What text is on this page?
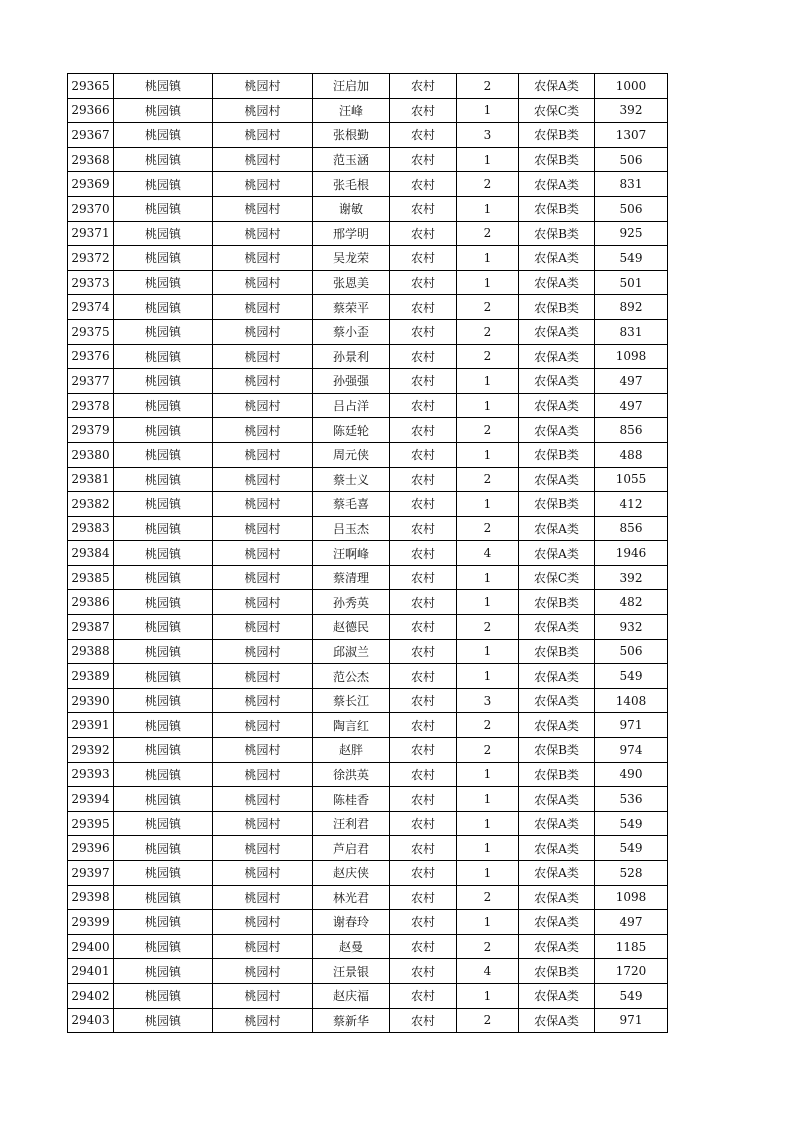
29365	桃园镇	桃园村	汪启加	农村	2	农保A类	1000
29366	桃园镇	桃园村	汪峰	农村	1	农保C类	392
29367	桃园镇	桃园村	张根勤	农村	3	农保B类	1307
29368	桃园镇	桃园村	范玉涵	农村	1	农保B类	506
29369	桃园镇	桃园村	张毛根	农村	2	农保A类	831
29370	桃园镇	桃园村	谢敏	农村	1	农保B类	506
29371	桃园镇	桃园村	邢学明	农村	2	农保B类	925
29372	桃园镇	桃园村	吴龙荣	农村	1	农保A类	549
29373	桃园镇	桃园村	张恩美	农村	1	农保A类	501
29374	桃园镇	桃园村	蔡荣平	农村	2	农保B类	892
29375	桃园镇	桃园村	蔡小歪	农村	2	农保A类	831
29376	桃园镇	桃园村	孙景利	农村	2	农保A类	1098
29377	桃园镇	桃园村	孙强强	农村	1	农保A类	497
29378	桃园镇	桃园村	吕占洋	农村	1	农保A类	497
29379	桃园镇	桃园村	陈廷轮	农村	2	农保A类	856
29380	桃园镇	桃园村	周元侠	农村	1	农保B类	488
29381	桃园镇	桃园村	蔡士义	农村	2	农保A类	1055
29382	桃园镇	桃园村	蔡毛喜	农村	1	农保B类	412
29383	桃园镇	桃园村	吕玉杰	农村	2	农保A类	856
29384	桃园镇	桃园村	汪啊峰	农村	4	农保A类	1946
29385	桃园镇	桃园村	蔡清理	农村	1	农保C类	392
29386	桃园镇	桃园村	孙秀英	农村	1	农保B类	482
29387	桃园镇	桃园村	赵德民	农村	2	农保A类	932
29388	桃园镇	桃园村	邱淑兰	农村	1	农保B类	506
29389	桃园镇	桃园村	范公杰	农村	1	农保A类	549
29390	桃园镇	桃园村	蔡长江	农村	3	农保A类	1408
29391	桃园镇	桃园村	陶言红	农村	2	农保A类	971
29392	桃园镇	桃园村	赵胖	农村	2	农保B类	974
29393	桃园镇	桃园村	徐洪英	农村	1	农保B类	490
29394	桃园镇	桃园村	陈桂香	农村	1	农保A类	536
29395	桃园镇	桃园村	汪利君	农村	1	农保A类	549
29396	桃园镇	桃园村	芦启君	农村	1	农保A类	549
29397	桃园镇	桃园村	赵庆侠	农村	1	农保A类	528
29398	桃园镇	桃园村	林光君	农村	2	农保A类	1098
29399	桃园镇	桃园村	谢春玲	农村	1	农保A类	497
29400	桃园镇	桃园村	赵曼	农村	2	农保A类	1185
29401	桃园镇	桃园村	汪景银	农村	4	农保B类	1720
29402	桃园镇	桃园村	赵庆福	农村	1	农保A类	549
29403	桃园镇	桃园村	蔡新华	农村	2	农保A类	971
